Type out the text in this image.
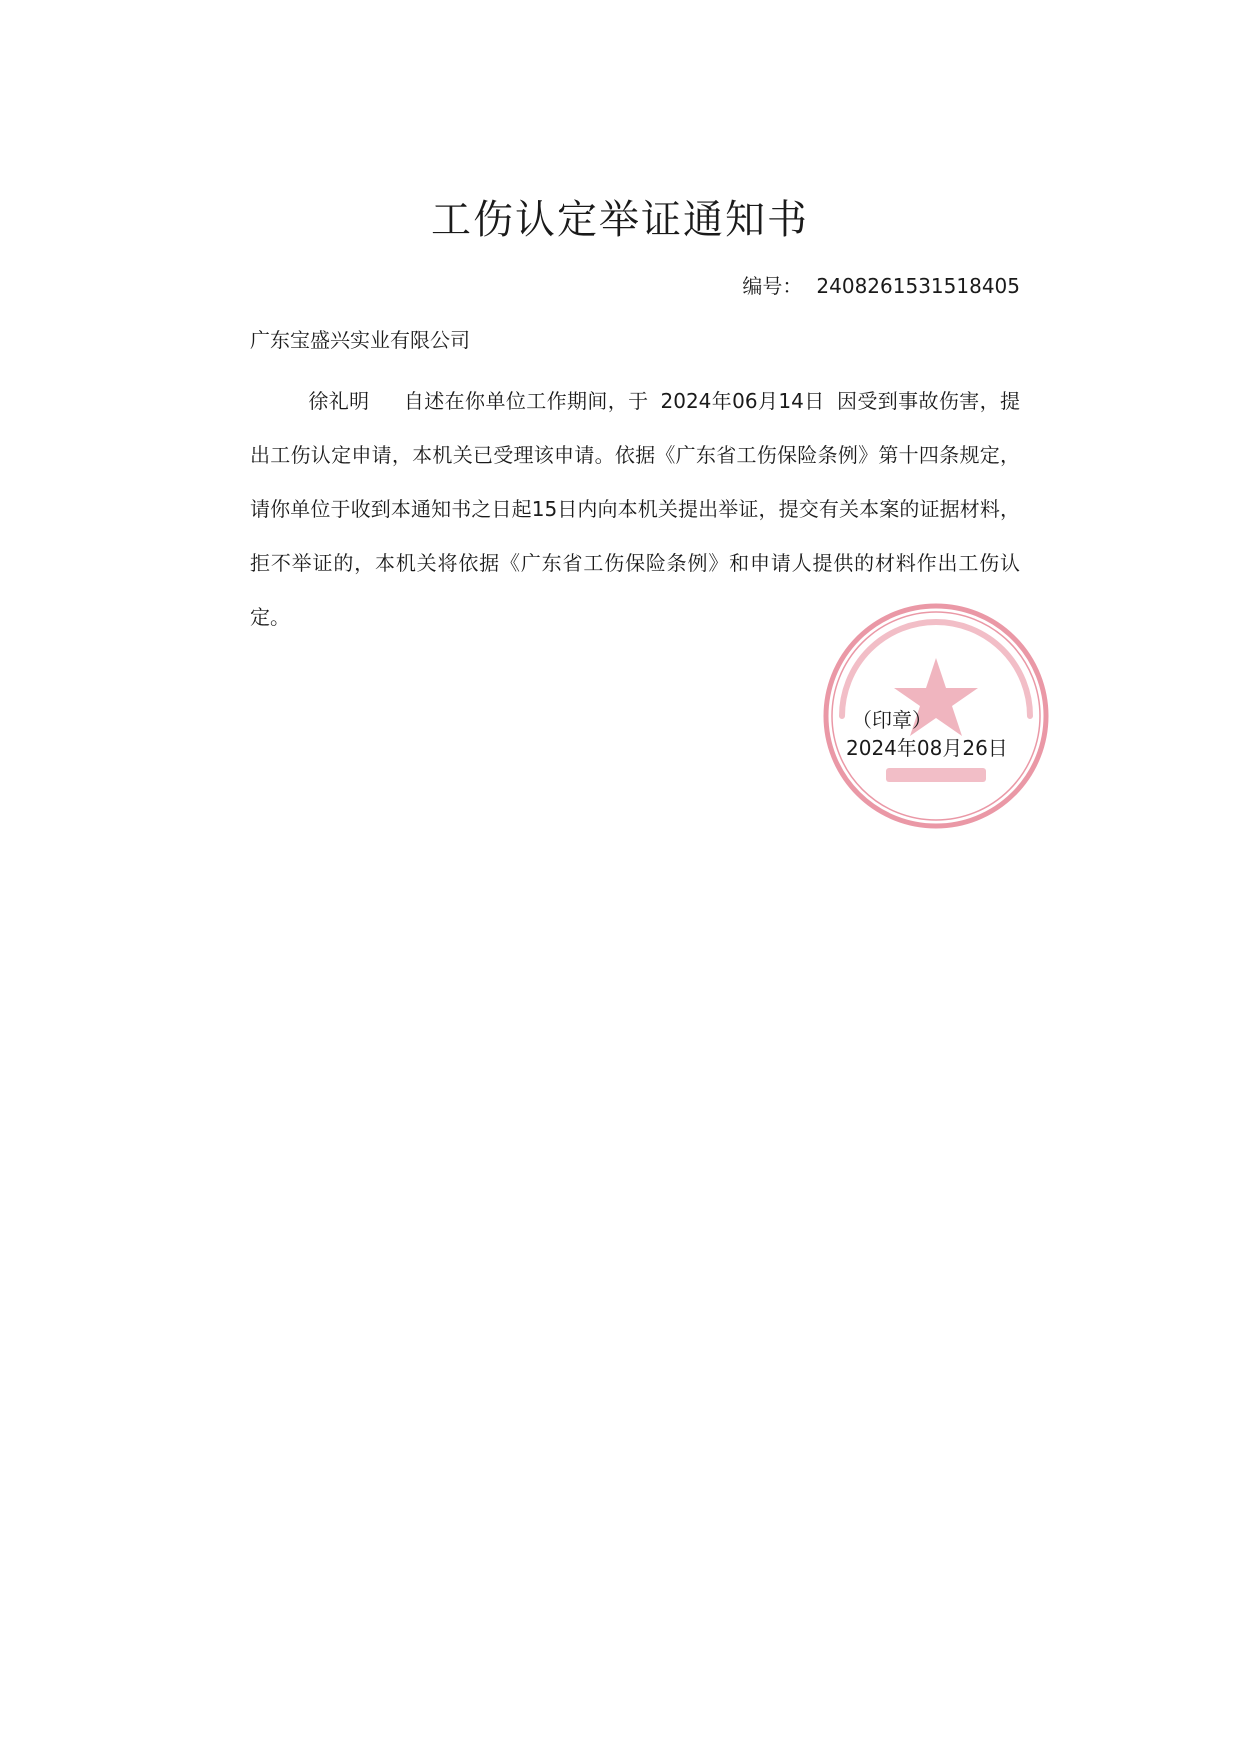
工伤认定举证通知书
编号： 2408261531518405
广东宝盛兴实业有限公司
徐礼明 自述在你单位工作期间，于 2024年06月14日 因受到事故伤害，提出工伤认定申请，本机关已受理该申请。依据《广东省工伤保险条例》第十四条规定，请你单位于收到本通知书之日起15日内向本机关提出举证，提交有关本案的证据材料，拒不举证的，本机关将依据《广东省工伤保险条例》和申请人提供的材料作出工伤认定。
（印章）
2024年08月26日
